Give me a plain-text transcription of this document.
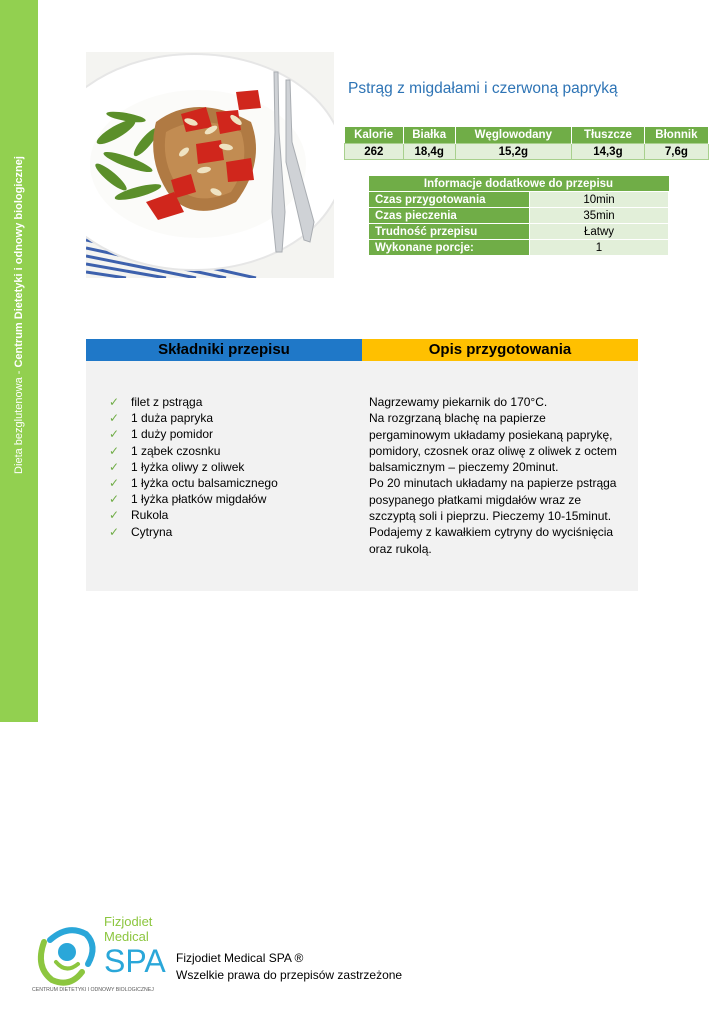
Dieta bezglutenowa - Centrum Dietetyki i odnowy biologicznej
Pstrąg z migdałami i czerwoną papryką
Kalorie	Białka	Węglowodany	Tłuszcze	Błonnik
262	18,4g	15,2g	14,3g	7,6g
Informacje dodatkowe do przepisu	
Czas przygotowania	10min
Czas pieczenia	35min
Trudność przepisu	Łatwy
Wykonane porcje:	1
Składniki przepisu	Opis przygotowania
✓ filet z pstrąga
✓ 1 duża papryka
✓ 1 duży pomidor
✓ 1 ząbek czosnku
✓ 1 łyżka oliwy z oliwek
✓ 1 łyżka octu balsamicznego
✓ 1 łyżka płatków migdałów
✓ Rukola
✓ Cytryna

Nagrzewamy piekarnik do 170°C.
Na rozgrzaną blachę na papierze pergaminowym układamy posiekaną paprykę, pomidory, czosnek oraz oliwę z oliwek z octem balsamicznym – pieczemy 20minut.
Po 20 minutach układamy na papierze pstrąga posypanego płatkami migdałów wraz ze szczyptą soli i pieprzu. Pieczemy 10-15minut.
Podajemy z kawałkiem cytryny do wyciśnięcia oraz rukolą.

Fizjodiet
Medical
SPA
CENTRUM DIETETYKI I ODNOWY BIOLOGICZNEJ
Fizjodiet Medical SPA ®
Wszelkie prawa do przepisów zastrzeżone
